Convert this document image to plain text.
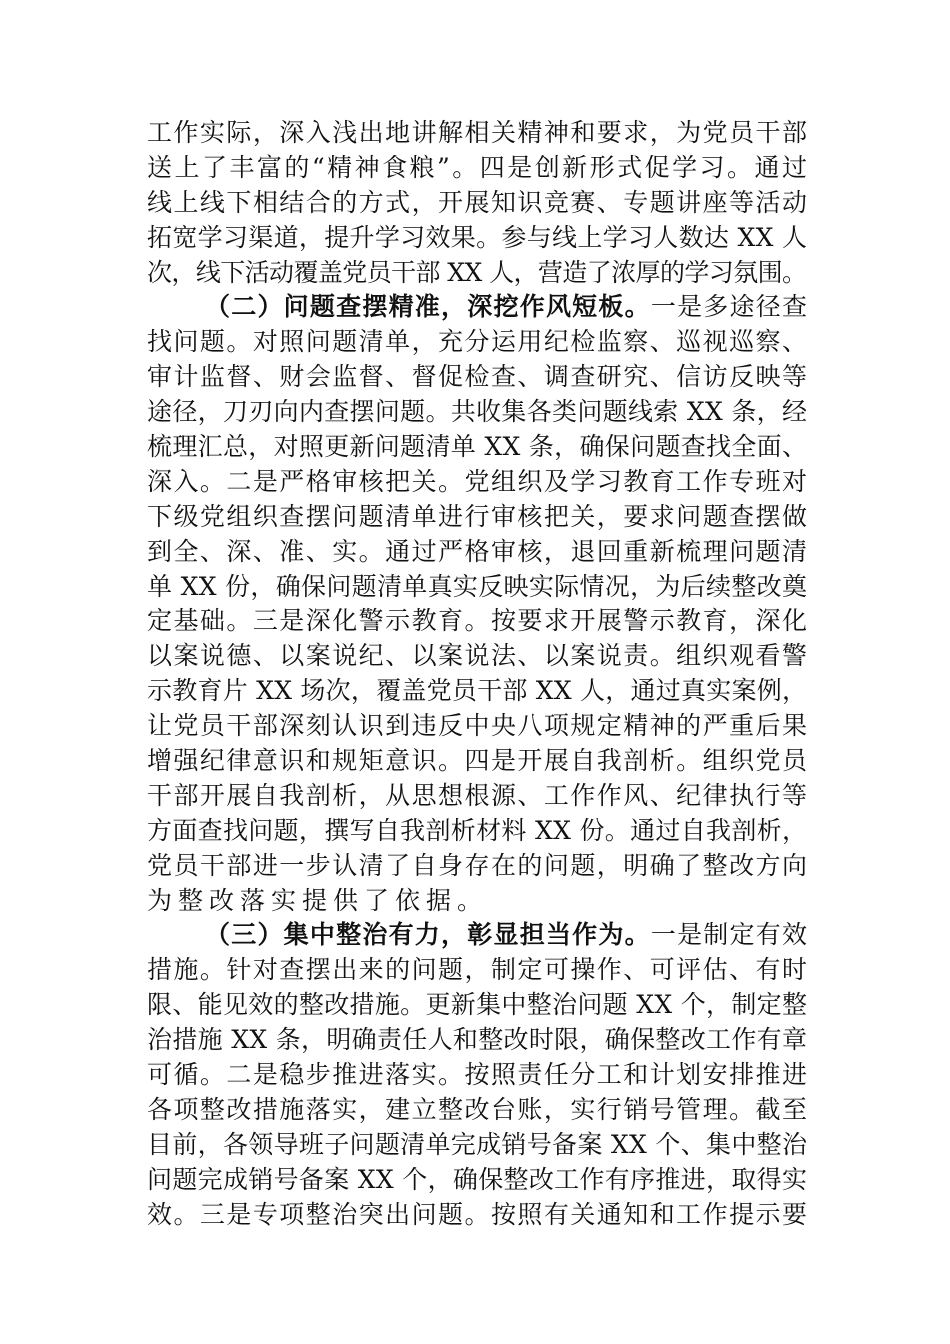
工作实际，深入浅出地讲解相关精神和要求，为党员干部
送上了丰富的“精神食粮”。四是创新形式促学习。通过
线上线下相结合的方式，开展知识竞赛、专题讲座等活动
拓宽学习渠道，提升学习效果。参与线上学习人数达 XX 人
次，线下活动覆盖党员干部 XX 人，营造了浓厚的学习氛围。
（二）问题查摆精准，深挖作风短板。一是多途径查
找问题。对照问题清单，充分运用纪检监察、巡视巡察、
审计监督、财会监督、督促检查、调查研究、信访反映等
途径，刀刃向内查摆问题。共收集各类问题线索 XX 条，经
梳理汇总，对照更新问题清单 XX 条，确保问题查找全面、
深入。二是严格审核把关。党组织及学习教育工作专班对
下级党组织查摆问题清单进行审核把关，要求问题查摆做
到全、深、准、实。通过严格审核，退回重新梳理问题清
单 XX 份，确保问题清单真实反映实际情况，为后续整改奠
定基础。三是深化警示教育。按要求开展警示教育，深化
以案说德、以案说纪、以案说法、以案说责。组织观看警
示教育片 XX 场次，覆盖党员干部 XX 人，通过真实案例，
让党员干部深刻认识到违反中央八项规定精神的严重后果
增强纪律意识和规矩意识。四是开展自我剖析。组织党员
干部开展自我剖析，从思想根源、工作作风、纪律执行等
方面查找问题，撰写自我剖析材料 XX 份。通过自我剖析，
党员干部进一步认清了自身存在的问题，明确了整改方向
为整改落实提供了依据。
（三）集中整治有力，彰显担当作为。一是制定有效
措施。针对查摆出来的问题，制定可操作、可评估、有时
限、能见效的整改措施。更新集中整治问题 XX 个，制定整
治措施 XX 条，明确责任人和整改时限，确保整改工作有章
可循。二是稳步推进落实。按照责任分工和计划安排推进
各项整改措施落实，建立整改台账，实行销号管理。截至
目前，各领导班子问题清单完成销号备案 XX 个、集中整治
问题完成销号备案 XX 个，确保整改工作有序推进，取得实
效。三是专项整治突出问题。按照有关通知和工作提示要
